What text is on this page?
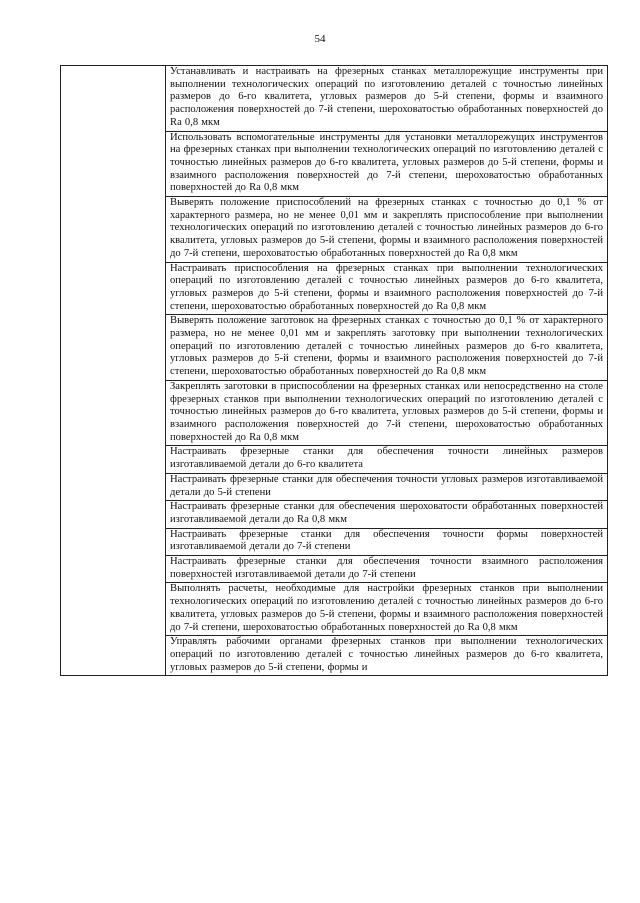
54

Устанавливать и настраивать на фрезерных станках металлорежущие инструменты при выполнении технологических операций по изготовлению деталей с точностью линейных размеров до 6-го квалитета, угловых размеров до 5-й степени, формы и взаимного расположения поверхностей до 7-й степени, шероховатостью обработанных поверхностей до Ra 0,8 мкм
Использовать вспомогательные инструменты для установки металлорежущих инструментов на фрезерных станках при выполнении технологических операций по изготовлению деталей с точностью линейных размеров до 6-го квалитета, угловых размеров до 5-й степени, формы и взаимного расположения поверхностей до 7-й степени, шероховатостью обработанных поверхностей до Ra 0,8 мкм
Выверять положение приспособлений на фрезерных станках с точностью до 0,1 % от характерного размера, но не менее 0,01 мм и закреплять приспособление при выполнении технологических операций по изготовлению деталей с точностью линейных размеров до 6-го квалитета, угловых размеров до 5-й степени, формы и взаимного расположения поверхностей до 7-й степени, шероховатостью обработанных поверхностей до Ra 0,8 мкм
Настраивать приспособления на фрезерных станках при выполнении технологических операций по изготовлению деталей с точностью линейных размеров до 6-го квалитета, угловых размеров до 5-й степени, формы и взаимного расположения поверхностей до 7-й степени, шероховатостью обработанных поверхностей до Ra 0,8 мкм
Выверять положение заготовок на фрезерных станках с точностью до 0,1 % от характерного размера, но не менее 0,01 мм и закреплять заготовку при выполнении технологических операций по изготовлению деталей с точностью линейных размеров до 6-го квалитета, угловых размеров до 5-й степени, формы и взаимного расположения поверхностей до 7-й степени, шероховатостью обработанных поверхностей до Ra 0,8 мкм
Закреплять заготовки в приспособлении на фрезерных станках или непосредственно на столе фрезерных станков при выполнении технологических операций по изготовлению деталей с точностью линейных размеров до 6-го квалитета, угловых размеров до 5-й степени, формы и взаимного расположения поверхностей до 7-й степени, шероховатостью обработанных поверхностей до Ra 0,8 мкм
Настраивать фрезерные станки для обеспечения точности линейных размеров изготавливаемой детали до 6-го квалитета
Настраивать фрезерные станки для обеспечения точности угловых размеров изготавливаемой детали до 5-й степени
Настраивать фрезерные станки для обеспечения шероховатости обработанных поверхностей изготавливаемой детали до Ra 0,8 мкм
Настраивать фрезерные станки для обеспечения точности формы поверхностей изготавливаемой детали до 7-й степени
Настраивать фрезерные станки для обеспечения точности взаимного расположения поверхностей изготавливаемой детали до 7-й степени
Выполнять расчеты, необходимые для настройки фрезерных станков при выполнении технологических операций по изготовлению деталей с точностью линейных размеров до 6-го квалитета, угловых размеров до 5-й степени, формы и взаимного расположения поверхностей до 7-й степени, шероховатостью обработанных поверхностей до Ra 0,8 мкм
Управлять рабочими органами фрезерных станков при выполнении технологических операций по изготовлению деталей с точностью линейных размеров до 6-го квалитета, угловых размеров до 5-й степени, формы и
